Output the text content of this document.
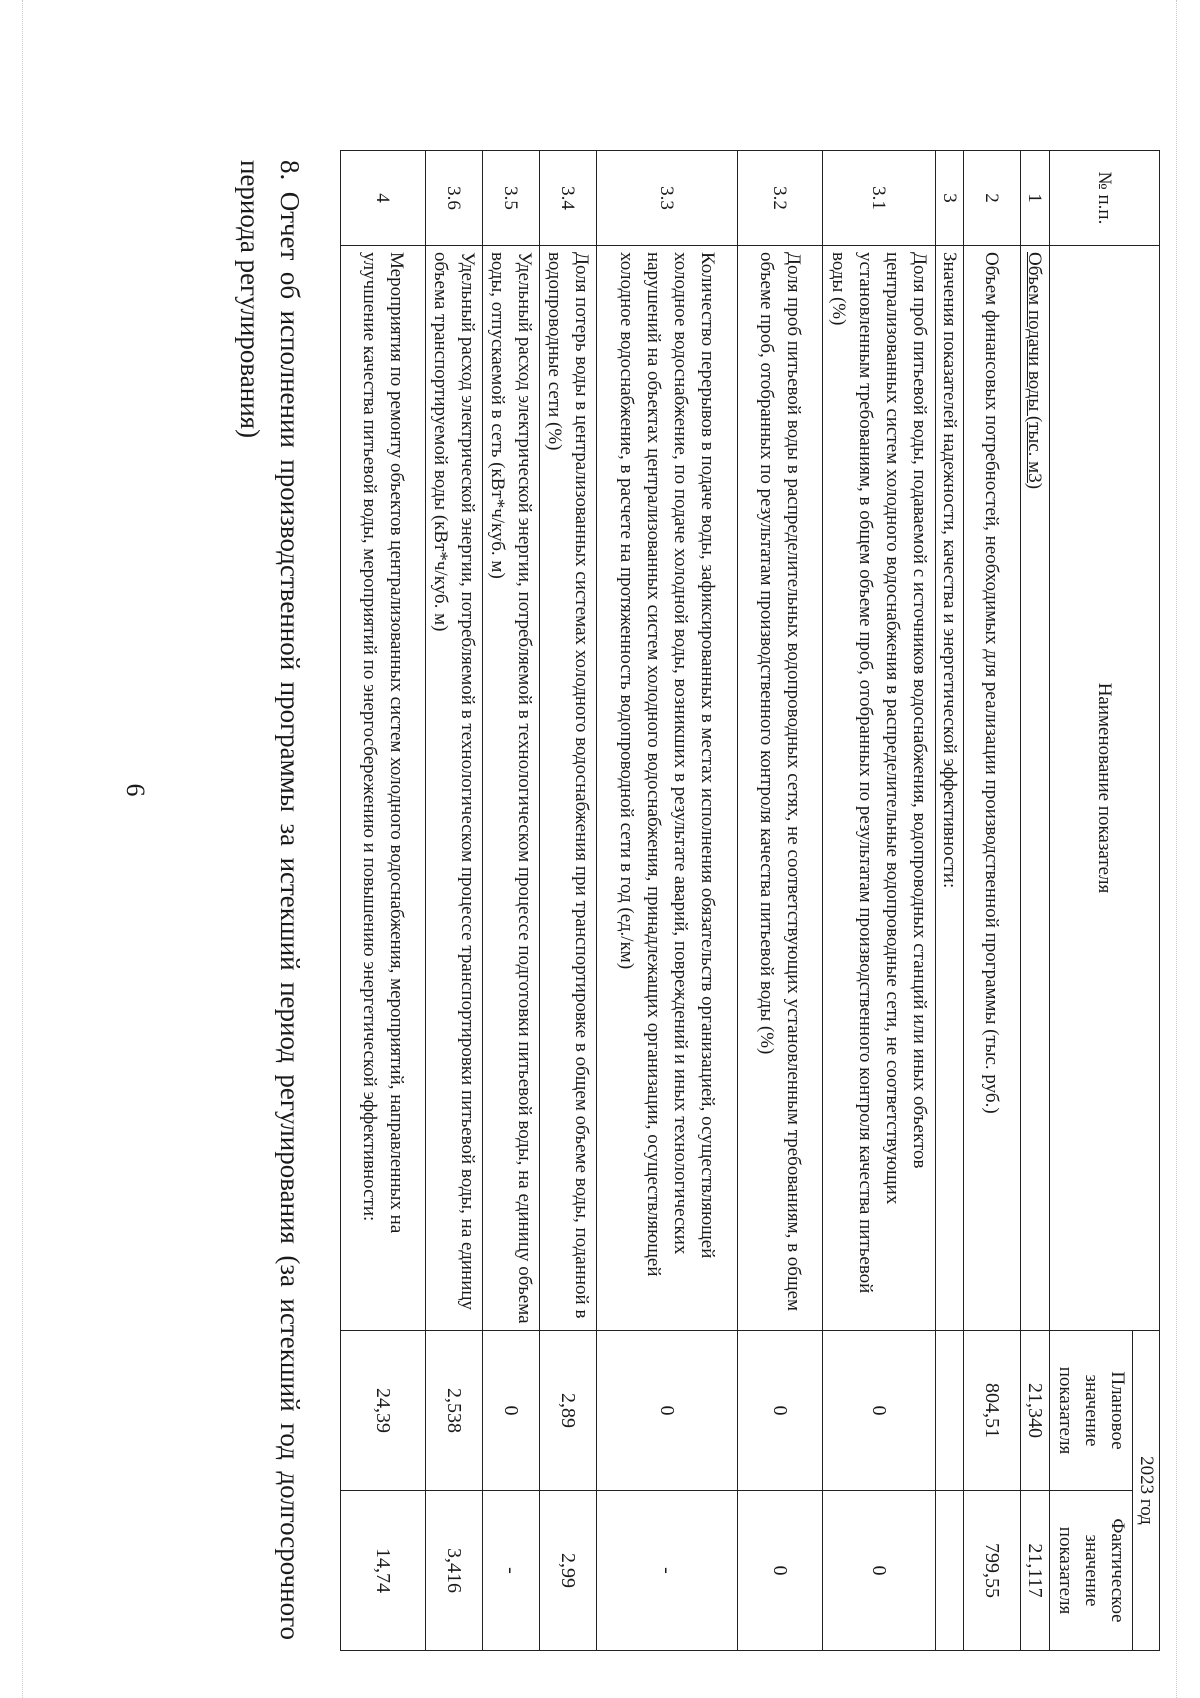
6	8. Отчет об исполнении производственной программы за истекший период регулирования (за истекший год долгосрочного периода регулирования)	№ п.п.	Наименование показателя	2023 год	
		Плановое значение показателя	Фактическое значение показателя
1	Объем подачи воды (тыс. м3)	21,340	21,117
2	Объем финансовых потребностей, необходимых для реализации производственной программы (тыс. руб.)	804,51	799,55
3	Значения показателей надежности, качества и энергетической эффективности:		
3.1	Доля проб питьевой воды, подаваемой с источников водоснабжения, водопроводных станций или иных объектов централизованных систем холодного водоснабжения в распределительные водопроводные сети, не соответствующих установленным требованиям, в общем объеме проб, отобранных по результатам производственного контроля качества питьевой воды (%)	0	0
3.2	Доля проб питьевой воды в распределительных водопроводных сетях, не соответствующих установленным требованиям, в общем объеме проб, отобранных по результатам производственного контроля качества питьевой воды (%)	0	0
3.3	Количество перерывов в подаче воды, зафиксированных в местах исполнения обязательств организацией, осуществляющей холодное водоснабжение, по подаче холодной воды, возникших в результате аварий, повреждений и иных технологических нарушений на объектах централизованных систем холодного водоснабжения, принадлежащих организации, осуществляющей холодное водоснабжение, в расчете на протяженность водопроводной сети в год (ед./км)	0	-
3.4	Доля потерь воды в централизованных системах холодного водоснабжения при транспортировке в общем объеме воды, поданной в водопроводные сети (%)	2,89	2,99
3.5	Удельный расход электрической энергии, потребляемой в технологическом процессе подготовки питьевой воды, на единицу объема воды, отпускаемой в сеть (кВт*ч/куб. м)	0	-
3.6	Удельный расход электрической энергии, потребляемой в технологическом процессе транспортировки питьевой воды, на единицу объема транспортируемой воды (кВт*ч/куб. м)	2,538	3,416
4	Мероприятия по ремонту объектов централизованных систем холодного водоснабжения, мероприятий, направленных на улучшение качества питьевой воды, мероприятий по энергосбережению и повышению энергетической эффективности:	24,39	14,74
